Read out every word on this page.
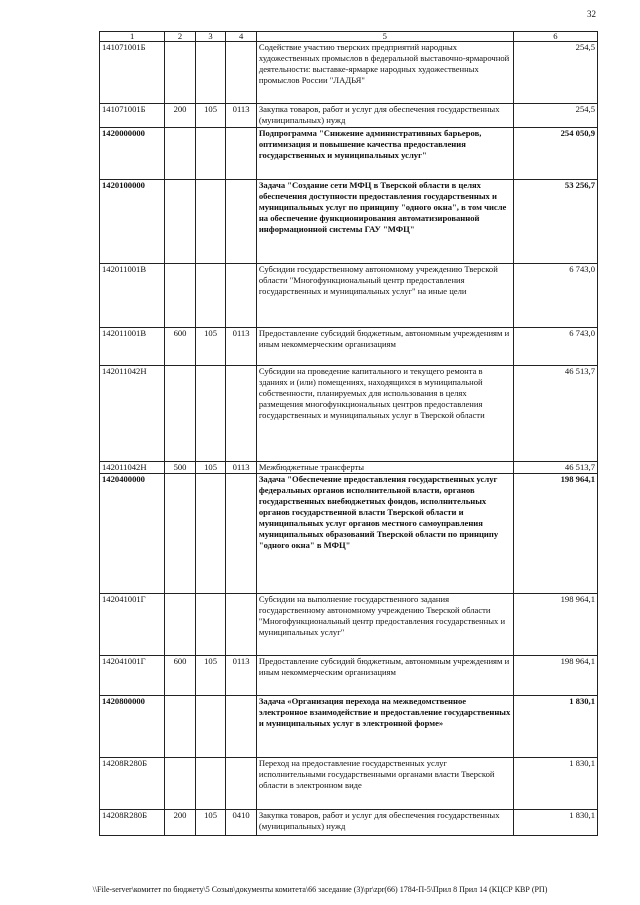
32
1	2	3	4	5	6
141071001Б				Содействие участию тверских предприятий народных художественных промыслов в федеральной выставочно-ярмарочной деятельности: выставке-ярмарке народных художественных промыслов России "ЛАДЬЯ"	254,5
141071001Б	200	105	0113	Закупка товаров, работ и услуг для обеспечения государственных (муниципальных) нужд	254,5
1420000000				Подпрограмма "Снижение административных барьеров, оптимизация и повышение качества предоставления государственных и муниципальных услуг"	254 050,9
1420100000				Задача "Создание сети МФЦ в Тверской области в целях обеспечения доступности предоставления государственных и муниципальных услуг по принципу "одного окна", в том числе на обеспечение функционирования автоматизированной информационной системы ГАУ "МФЦ"	53 256,7
142011001В				Субсидии государственному автономному учреждению Тверской области "Многофункциональный центр предоставления государственных и муниципальных услуг" на иные цели	6 743,0
142011001В	600	105	0113	Предоставление субсидий бюджетным, автономным учреждениям и иным некоммерческим организациям	6 743,0
142011042Н				Субсидии на проведение капитального и текущего ремонта в зданиях и (или) помещениях, находящихся в муниципальной собственности, планируемых для использования в целях размещения многофункциональных центров предоставления государственных и муниципальных услуг в Тверской области	46 513,7
142011042Н	500	105	0113	Межбюджетные трансферты	46 513,7
1420400000				Задача "Обеспечение предоставления государственных услуг федеральных органов исполнительной власти, органов государственных внебюджетных фондов, исполнительных органов государственной власти Тверской области и муниципальных услуг органов местного самоуправления муниципальных образований Тверской области по принципу "одного окна" в МФЦ"	198 964,1
142041001Г				Субсидии на выполнение государственного задания государственному автономному учреждению Тверской области "Многофункциональный центр предоставления государственных и муниципальных услуг"	198 964,1
142041001Г	600	105	0113	Предоставление субсидий бюджетным, автономным учреждениям и иным некоммерческим организациям	198 964,1
1420800000				Задача «Организация перехода на межведомственное электронное взаимодействие и предоставление государственных и муниципальных услуг в электронной форме»	1 830,1
14208R280Б				Переход на предоставление государственных услуг исполнительными государственными органами власти Тверской области в электронном виде	1 830,1
14208R280Б	200	105	0410	Закупка товаров, работ и услуг для обеспечения государственных (муниципальных) нужд	1 830,1
\\File-server\комитет по бюджету\5 Созыв\документы комитета\66 заседание (3)\pr\zpr(66) 1784-П-5\Прил 8 Прил 14 (КЦСР КВР (РП)
